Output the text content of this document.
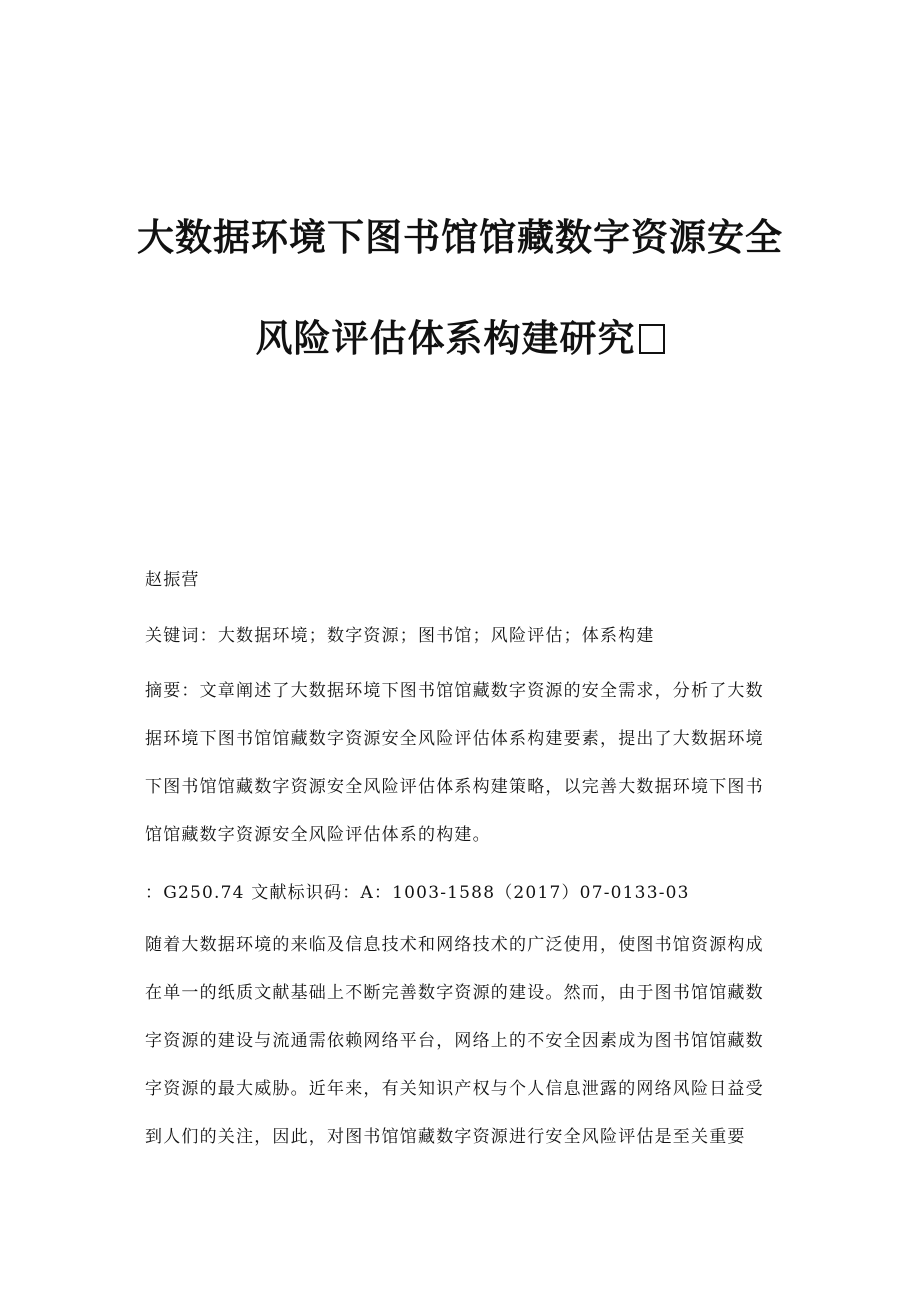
大数据环境下图书馆馆藏数字资源安全
风险评估体系构建研究
赵振营
关键词：大数据环境；数字资源；图书馆；风险评估；体系构建
摘要：文章阐述了大数据环境下图书馆馆藏数字资源的安全需求，分析了大数
据环境下图书馆馆藏数字资源安全风险评估体系构建要素，提出了大数据环境
下图书馆馆藏数字资源安全风险评估体系构建策略，以完善大数据环境下图书
馆馆藏数字资源安全风险评估体系的构建。
：G250.74 文献标识码：A：1003-1588（2017）07-0133-03
随着大数据环境的来临及信息技术和网络技术的广泛使用，使图书馆资源构成
在单一的纸质文献基础上不断完善数字资源的建设。然而，由于图书馆馆藏数
字资源的建设与流通需依赖网络平台，网络上的不安全因素成为图书馆馆藏数
字资源的最大威胁。近年来，有关知识产权与个人信息泄露的网络风险日益受
到人们的关注，因此，对图书馆馆藏数字资源进行安全风险评估是至关重要
